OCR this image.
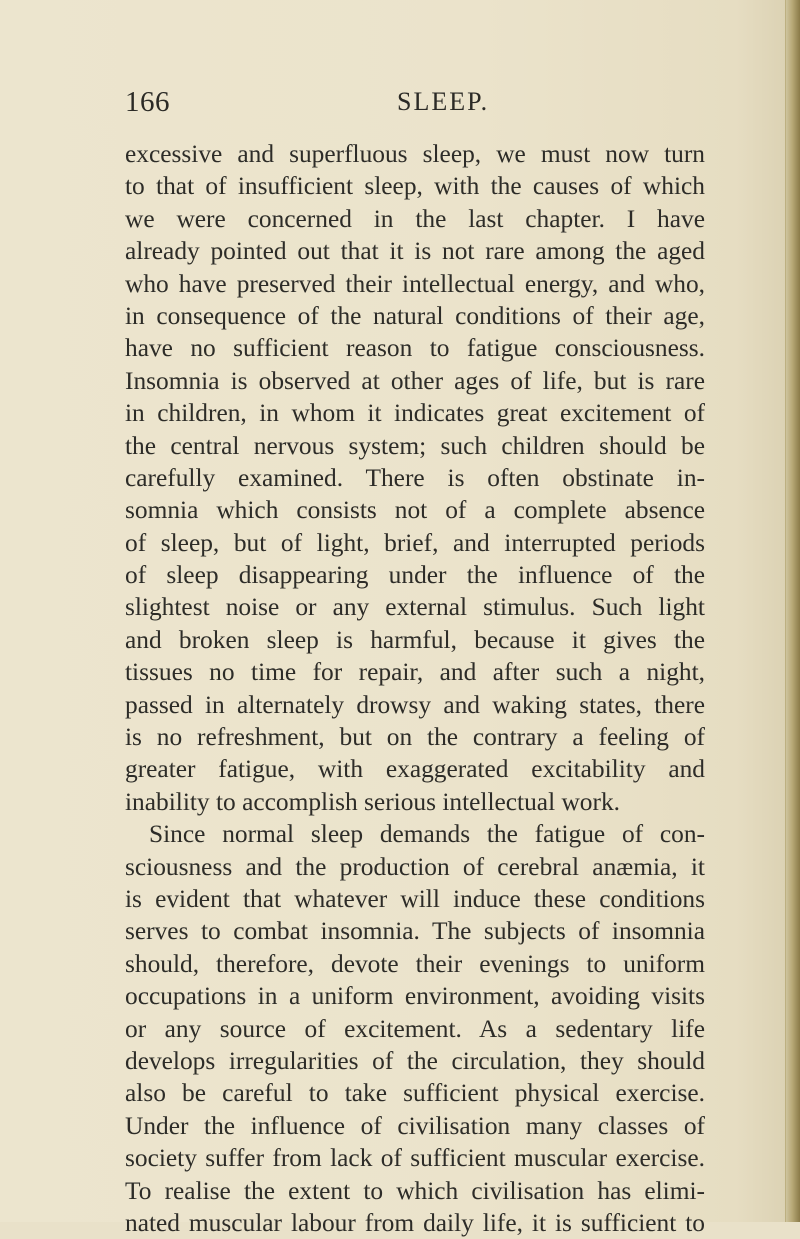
166	SLEEP.
excessive and superfluous sleep, we must now turn
to that of insufficient sleep, with the causes of which
we were concerned in the last chapter. I have
already pointed out that it is not rare among the aged
who have preserved their intellectual energy, and who,
in consequence of the natural conditions of their age,
have no sufficient reason to fatigue consciousness.
Insomnia is observed at other ages of life, but is rare
in children, in whom it indicates great excitement of
the central nervous system; such children should be
carefully examined. There is often obstinate in-
somnia which consists not of a complete absence
of sleep, but of light, brief, and interrupted periods
of sleep disappearing under the influence of the
slightest noise or any external stimulus. Such light
and broken sleep is harmful, because it gives the
tissues no time for repair, and after such a night,
passed in alternately drowsy and waking states, there
is no refreshment, but on the contrary a feeling of
greater fatigue, with exaggerated excitability and
inability to accomplish serious intellectual work.
Since normal sleep demands the fatigue of con-
sciousness and the production of cerebral anæmia, it
is evident that whatever will induce these conditions
serves to combat insomnia. The subjects of insomnia
should, therefore, devote their evenings to uniform
occupations in a uniform environment, avoiding visits
or any source of excitement. As a sedentary life
develops irregularities of the circulation, they should
also be careful to take sufficient physical exercise.
Under the influence of civilisation many classes of
society suffer from lack of sufficient muscular exercise.
To realise the extent to which civilisation has elimi-
nated muscular labour from daily life, it is sufficient to
